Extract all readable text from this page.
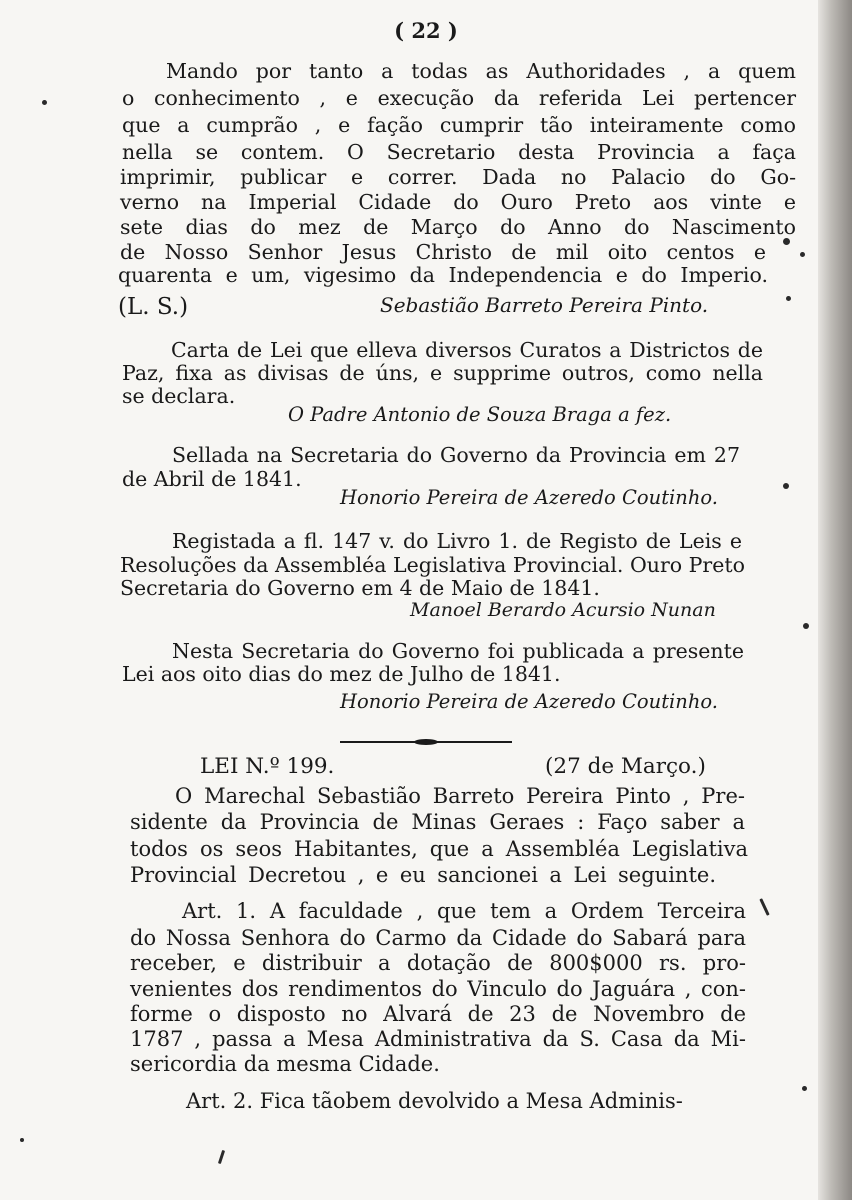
( 22 )
Mando por tanto a todas as Authoridades , a quem
o conhecimento , e execução da referida Lei pertencer
que a cumprão , e fação cumprir tão inteiramente como
nella se contem. O Secretario desta Provincia a faça
imprimir, publicar e correr. Dada no Palacio do Go-
verno na Imperial Cidade do Ouro Preto aos vinte e
sete dias do mez de Março do Anno do Nascimento
de Nosso Senhor Jesus Christo de mil oito centos e
quarenta e um, vigesimo da Independencia e do Imperio.
(L. S.)	Sebastião Barreto Pereira Pinto.
Carta de Lei que elleva diversos Curatos a Districtos de
Paz, fixa as divisas de úns, e supprime outros, como nella
se declara.
O Padre Antonio de Souza Braga a fez.
Sellada na Secretaria do Governo da Provincia em 27
de Abril de 1841.
Honorio Pereira de Azeredo Coutinho.
Registada a fl. 147 v. do Livro 1. de Registo de Leis e
Resoluções da Assembléa Legislativa Provincial. Ouro Preto
Secretaria do Governo em 4 de Maio de 1841.
Manoel Berardo Acursio Nunan
Nesta Secretaria do Governo foi publicada a presente
Lei aos oito dias do mez de Julho de 1841.
Honorio Pereira de Azeredo Coutinho.
LEI N.º 199.	(27 de Março.)
O Marechal Sebastião Barreto Pereira Pinto , Pre-
sidente da Provincia de Minas Geraes : Faço saber a
todos os seos Habitantes, que a Assembléa Legislativa
Provincial Decretou , e eu sancionei a Lei seguinte.
Art. 1. A faculdade , que tem a Ordem Terceira
do Nossa Senhora do Carmo da Cidade do Sabará para
receber, e distribuir a dotação de 800$000 rs. pro-
venientes dos rendimentos do Vinculo do Jaguára , con-
forme o disposto no Alvará de 23 de Novembro de
1787 , passa a Mesa Administrativa da S. Casa da Mi-
sericordia da mesma Cidade.
Art. 2. Fica tãobem devolvido a Mesa Adminis-
